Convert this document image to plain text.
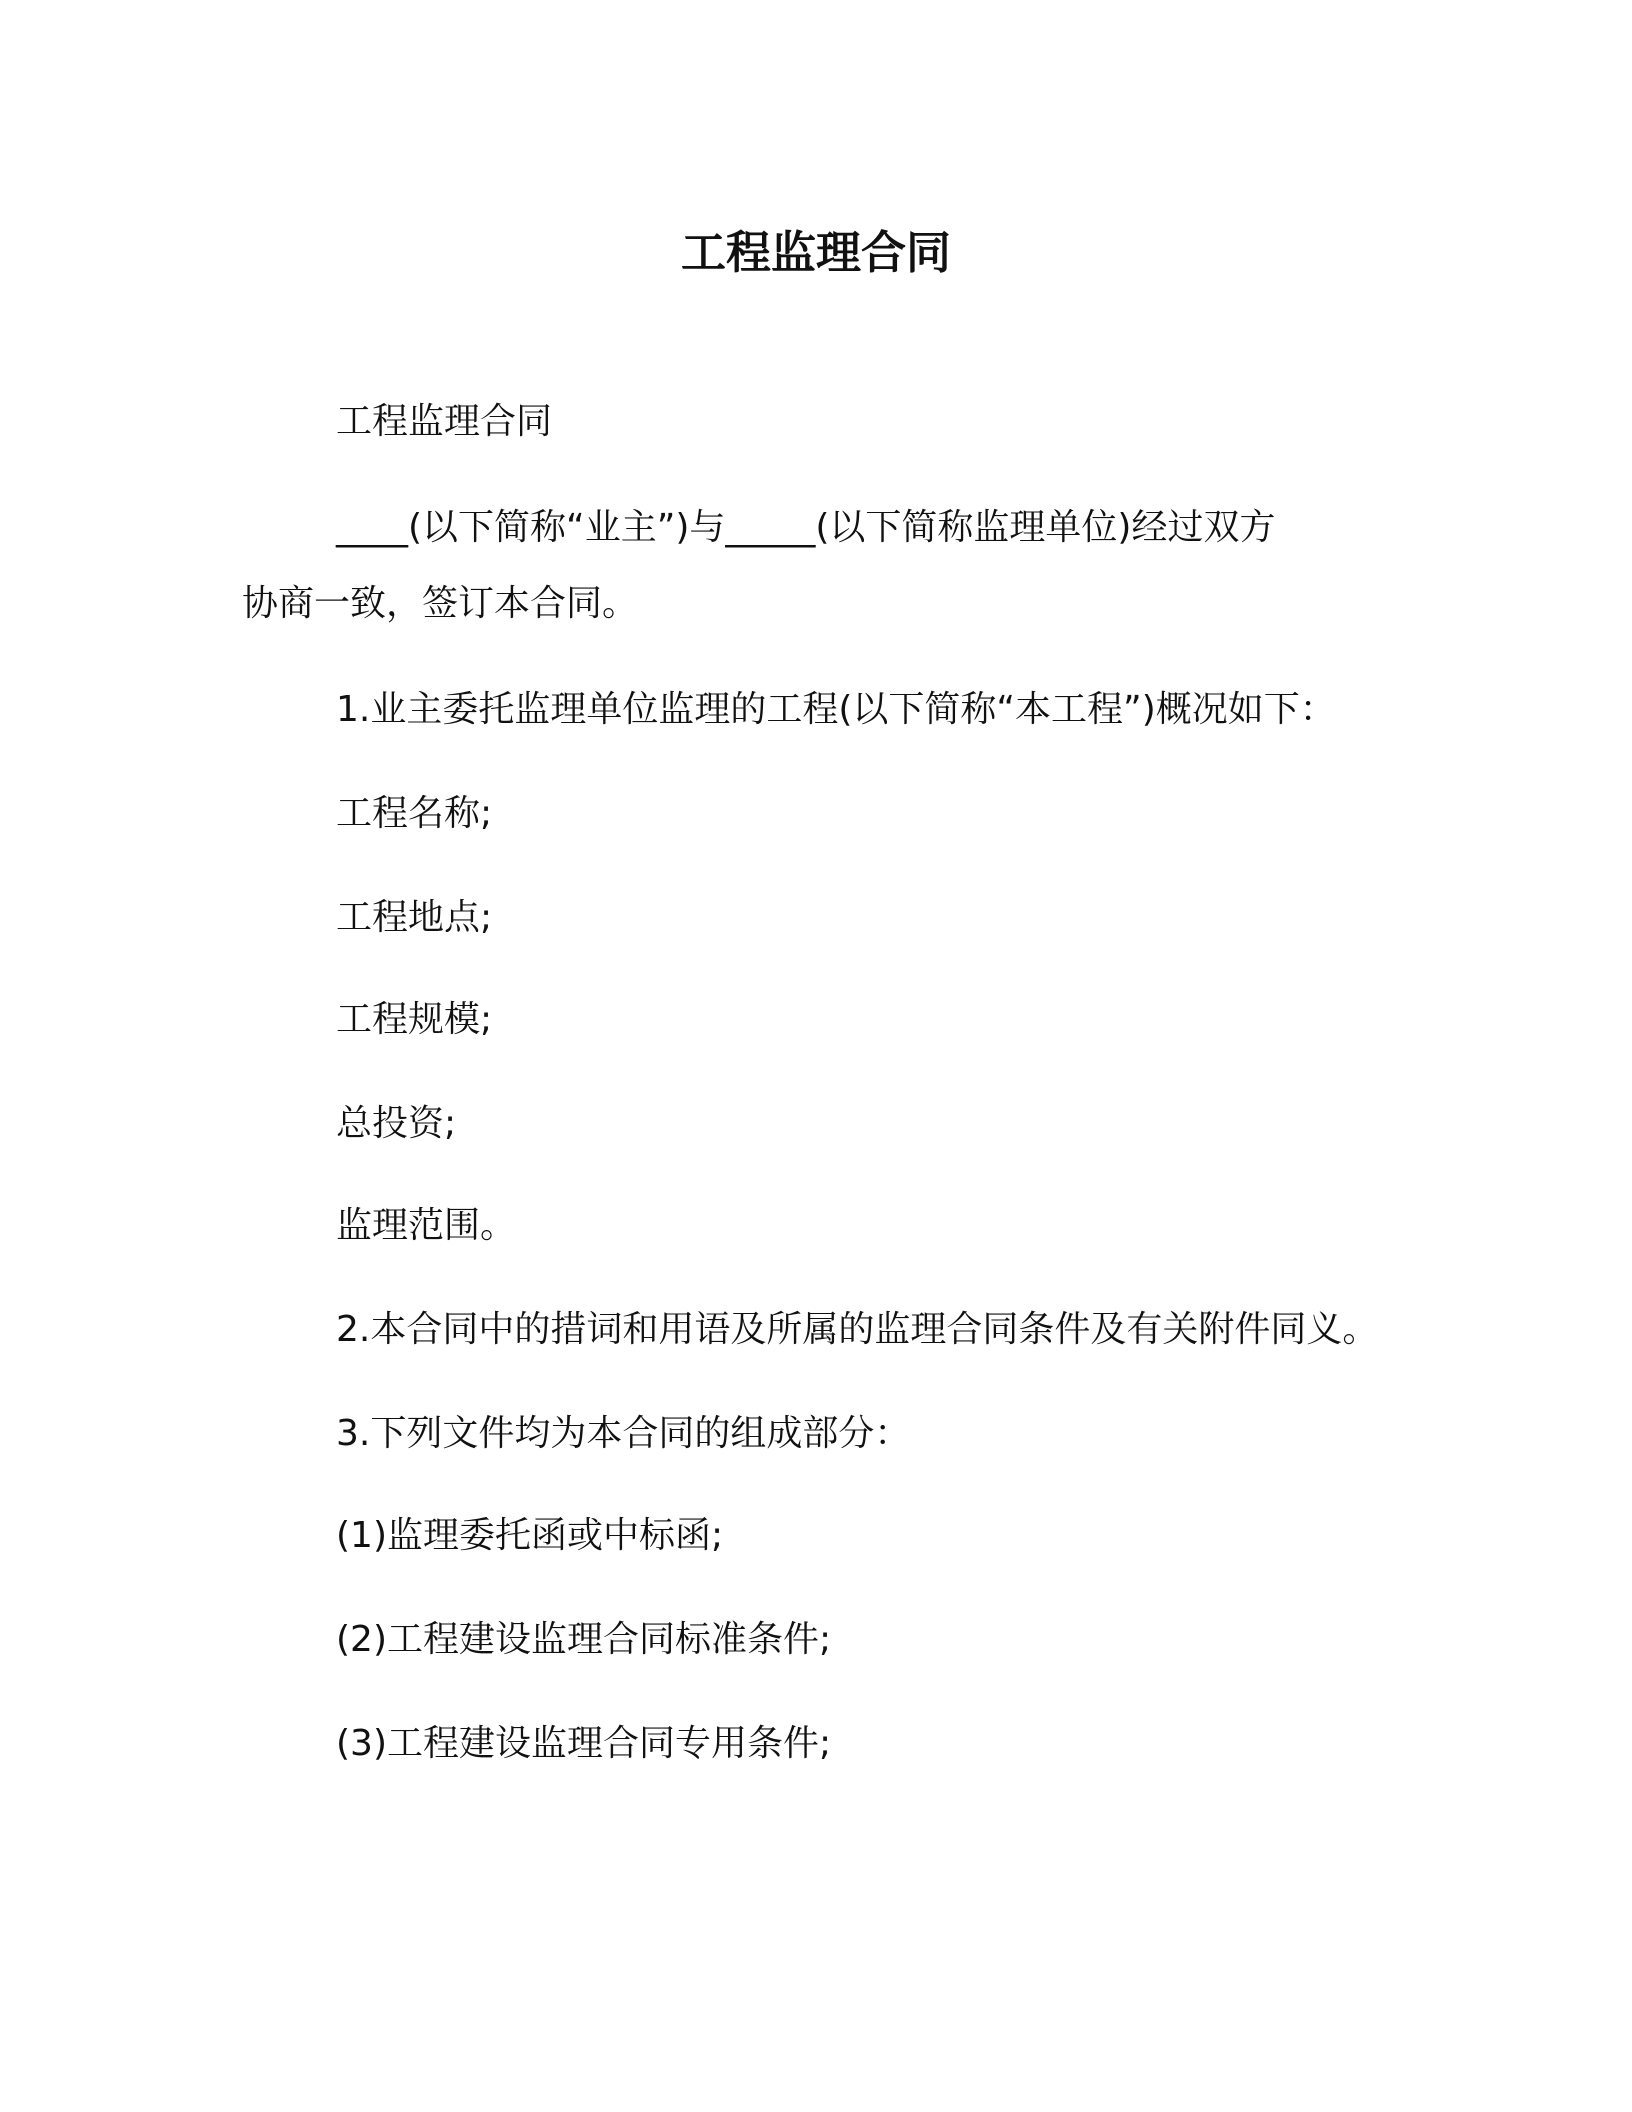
工程监理合同

工程监理合同

____(以下简称“业主”)与_____(以下简称监理单位)经过双方
协商一致，签订本合同。

1.业主委托监理单位监理的工程(以下简称“本工程”)概况如下：

工程名称;

工程地点;

工程规模;

总投资;

监理范围。

2.本合同中的措词和用语及所属的监理合同条件及有关附件同义。

3.下列文件均为本合同的组成部分：

(1)监理委托函或中标函;

(2)工程建设监理合同标准条件;

(3)工程建设监理合同专用条件;
